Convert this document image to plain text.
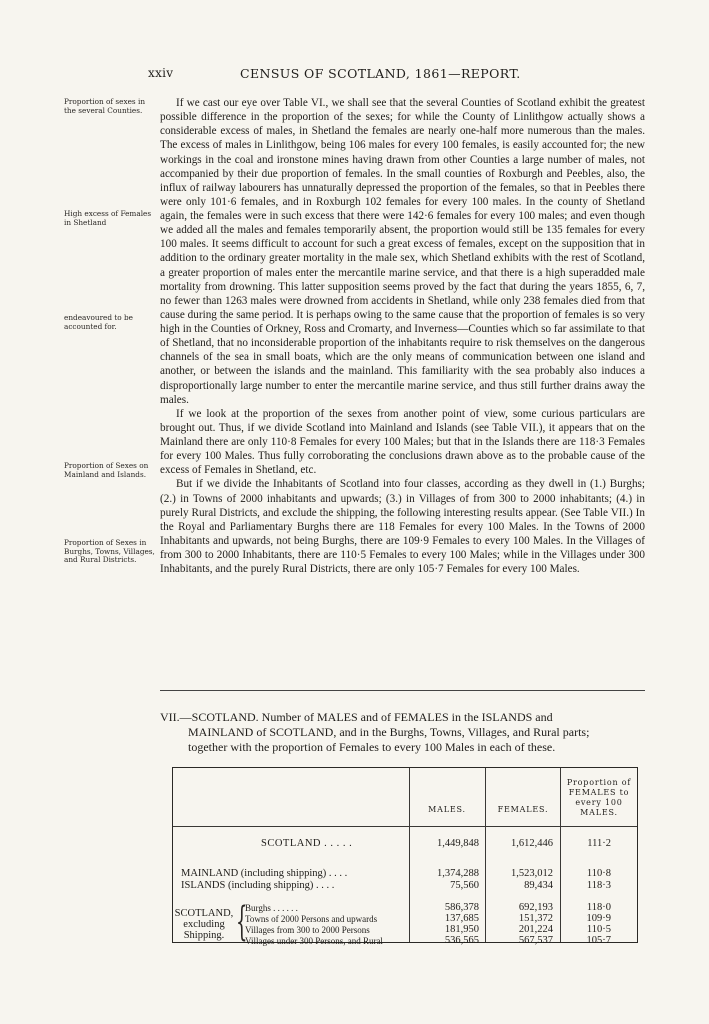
xxiv	CENSUS OF SCOTLAND, 1861—REPORT.
Proportion of sexes in the several Counties.
High excess of Females in Shetland
endeavoured to be accounted for.
Proportion of Sexes on Mainland and Islands.
Proportion of Sexes in Burghs, Towns, Villages, and Rural Districts.

If we cast our eye over Table VI., we shall see that the several Counties of Scotland exhibit the greatest possible difference in the proportion of the sexes; for while the County of Linlithgow actually shows a considerable excess of males, in Shetland the females are nearly one-half more numerous than the males. The excess of males in Linlithgow, being 106 males for every 100 females, is easily accounted for; the new workings in the coal and ironstone mines having drawn from other Counties a large number of males, not accompanied by their due proportion of females. In the small counties of Roxburgh and Peebles, also, the influx of railway labourers has unnaturally depressed the proportion of the females, so that in Peebles there were only 101·6 females, and in Roxburgh 102 females for every 100 males. In the county of Shetland again, the females were in such excess that there were 142·6 females for every 100 males; and even though we added all the males and females temporarily absent, the proportion would still be 135 females for every 100 males. It seems difficult to account for such a great excess of females, except on the supposition that in addition to the ordinary greater mortality in the male sex, which Shetland exhibits with the rest of Scotland, a greater proportion of males enter the mercantile marine service, and that there is a high superadded male mortality from drowning. This latter supposition seems proved by the fact that during the years 1855, 6, 7, no fewer than 1263 males were drowned from accidents in Shetland, while only 238 females died from that cause during the same period. It is perhaps owing to the same cause that the proportion of females is so very high in the Counties of Orkney, Ross and Cromarty, and Inverness—Counties which so far assimilate to that of Shetland, that no inconsiderable proportion of the inhabitants require to risk themselves on the dangerous channels of the sea in small boats, which are the only means of communication between one island and another, or between the islands and the mainland. This familiarity with the sea probably also induces a disproportionally large number to enter the mercantile marine service, and thus still further drains away the males.

If we look at the proportion of the sexes from another point of view, some curious particulars are brought out. Thus, if we divide Scotland into Mainland and Islands (see Table VII.), it appears that on the Mainland there are only 110·8 Females for every 100 Males; but that in the Islands there are 118·3 Females for every 100 Males. Thus fully corroborating the conclusions drawn above as to the probable cause of the excess of Females in Shetland, etc.

But if we divide the Inhabitants of Scotland into four classes, according as they dwell in (1.) Burghs; (2.) in Towns of 2000 inhabitants and upwards; (3.) in Villages of from 300 to 2000 inhabitants; (4.) in purely Rural Districts, and exclude the shipping, the following interesting results appear. (See Table VII.) In the Royal and Parliamentary Burghs there are 118 Females for every 100 Males. In the Towns of 2000 Inhabitants and upwards, not being Burghs, there are 109·9 Females to every 100 Males. In the Villages of from 300 to 2000 Inhabitants, there are 110·5 Females to every 100 Males; while in the Villages under 300 Inhabitants, and the purely Rural Districts, there are only 105·7 Females for every 100 Males.

VII.—SCOTLAND. Number of MALES and of FEMALES in the ISLANDS and
MAINLAND of SCOTLAND, and in the Burghs, Towns, Villages, and Rural parts;
together with the proportion of Females to every 100 Males in each of these.
MALES.	FEMALES.
Proportion of FEMALES to every 100 MALES.
SCOTLAND . . . . .	1,449,848	1,612,446	111·2
MAINLAND (including shipping) . . . .	1,374,288	1,523,012	110·8
ISLANDS (including shipping) . . . .	75,560	89,434	118·3
SCOTLAND,
excluding
Shipping. {
Burghs . . . . . .	586,378	692,193	118·0
Towns of 2000 Persons and upwards	137,685	151,372	109·9
Villages from 300 to 2000 Persons	181,950	201,224	110·5
Villages under 300 Persons, and Rural	536,565	567,537	105·7
